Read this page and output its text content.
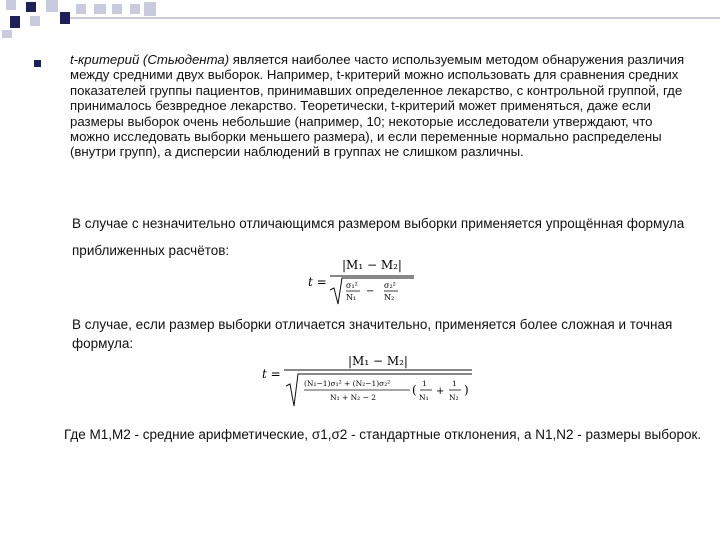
t-критерий (Стьюдента) является наиболее часто используемым методом обнаружения различия между средними двух выборок. Например, t-критерий можно использовать для сравнения средних показателей группы пациентов, принимавших определенное лекарство, с контрольной группой, где принималось безвредное лекарство. Теоретически, t-критерий может применяться, даже если размеры выборок очень небольшие (например, 10; некоторые исследователи утверждают, что можно исследовать выборки меньшего размера), и если переменные нормально распределены (внутри групп), а дисперсии наблюдений в группах не слишком различны.
В случае с незначительно отличающимся размером выборки применяется упрощённая формула приближенных расчётов:
t =
|M₁ − M₂|
σ₁²
N₁
−
σ₂²
N₂
В случае, если размер выборки отличается значительно, применяется более сложная и точная формула:
t =
|M₁ − M₂|
(N₁−1)σ₁² + (N₂−1)σ₂²
N₁ + N₂ − 2
( 1
N₁
+
1
N₂
)
Где M1,M2 - средние арифметические, σ1,σ2 - стандартные отклонения, а N1,N2 - размеры выборок.
